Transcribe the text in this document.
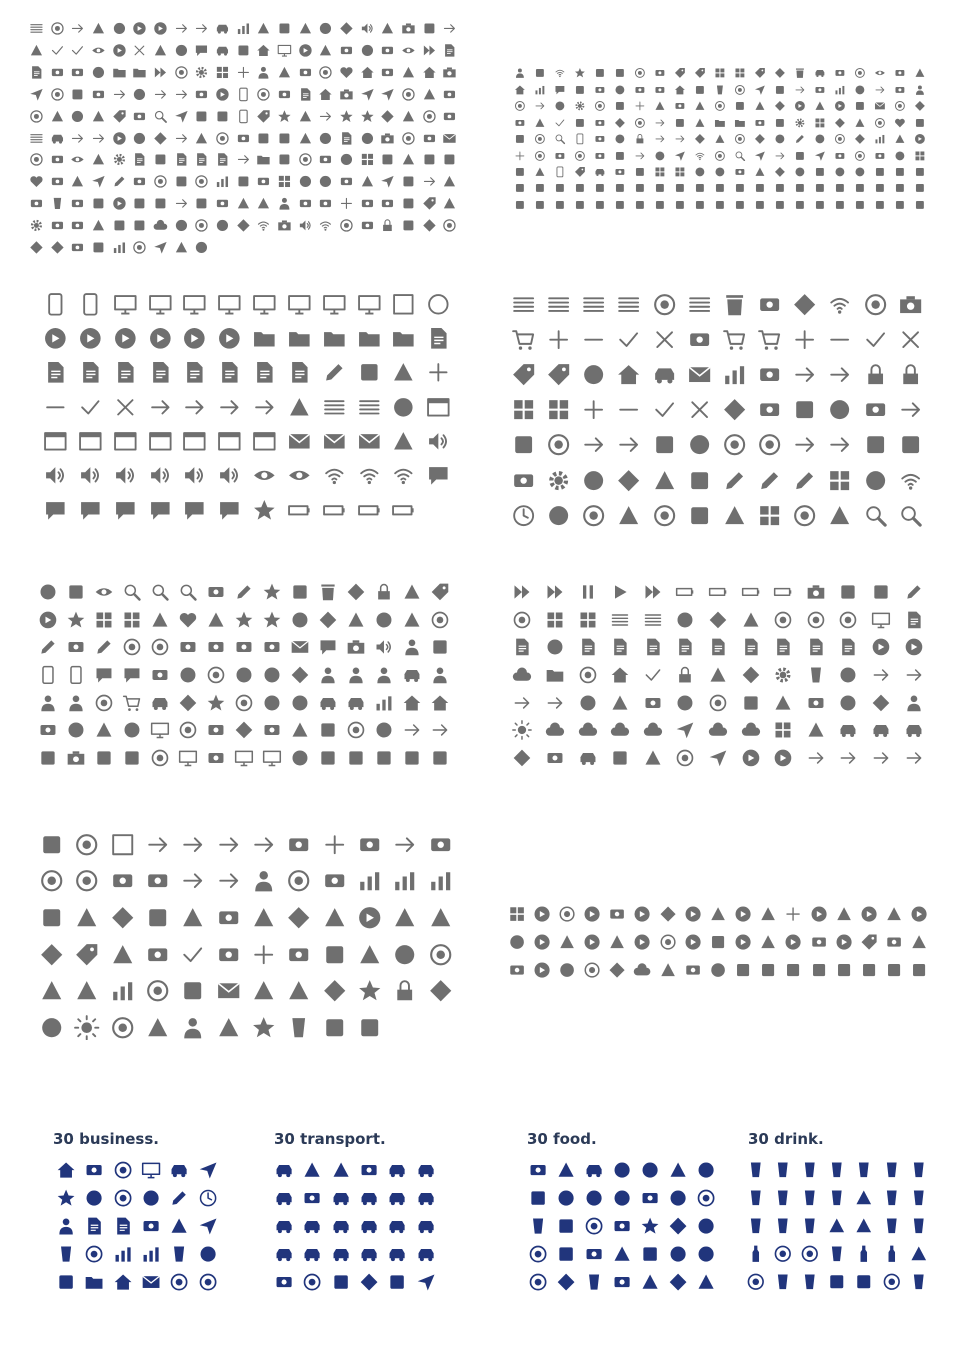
30 business.	30 transport.	30 food.	30 drink.
